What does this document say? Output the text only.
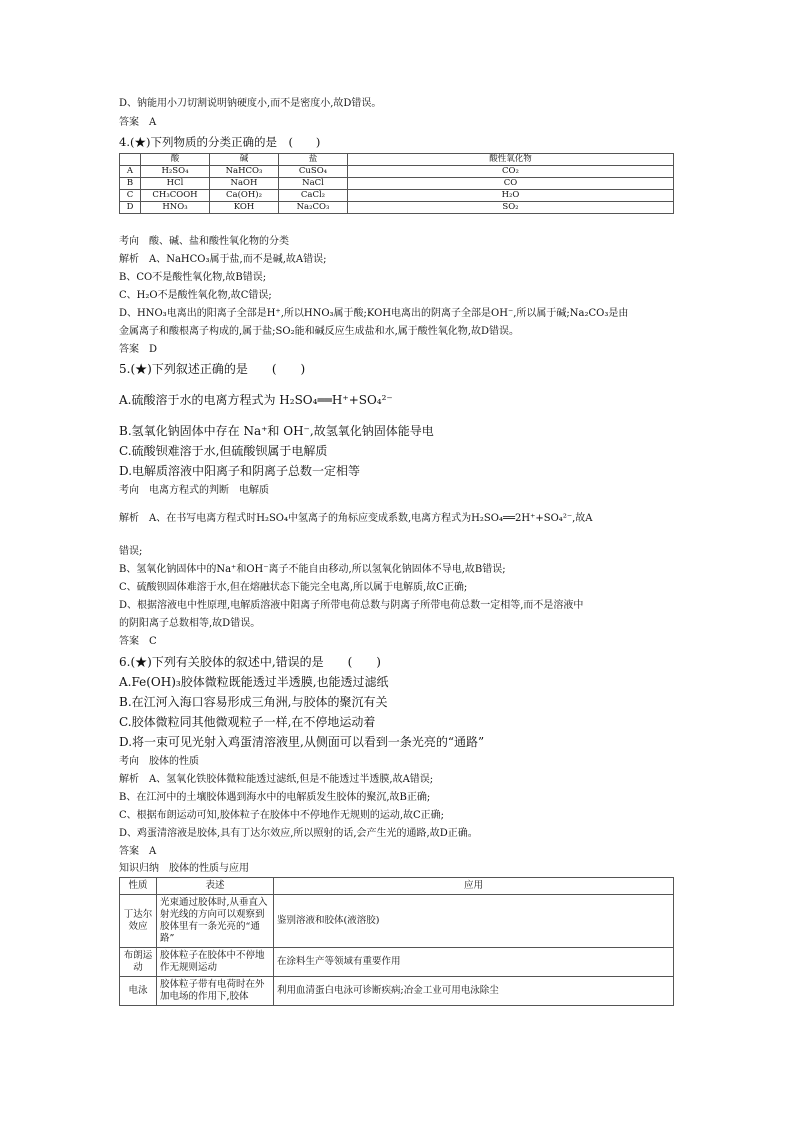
D、钠能用小刀切割说明钠硬度小,而不是密度小,故D错误。
答案　A
4.(★)下列物质的分类正确的是　(　　)
	酸	碱	盐	酸性氧化物
A	H₂SO₄	NaHCO₃	CuSO₄	CO₂
B	HCl	NaOH	NaCl	CO
C	CH₃COOH	Ca(OH)₂	CaCl₂	H₂O
D	HNO₃	KOH	Na₂CO₃	SO₂
考向　酸、碱、盐和酸性氧化物的分类
解析　A、NaHCO₃属于盐,而不是碱,故A错误;
B、CO不是酸性氧化物,故B错误;
C、H₂O不是酸性氧化物,故C错误;
D、HNO₃电离出的阳离子全部是H⁺,所以HNO₃属于酸;KOH电离出的阴离子全部是OH⁻,所以属于碱;Na₂CO₃是由
金属离子和酸根离子构成的,属于盐;SO₂能和碱反应生成盐和水,属于酸性氧化物,故D错误。
答案　D
5.(★)下列叙述正确的是　　(　　)
A.硫酸溶于水的电离方程式为 H₂SO₄══H⁺+SO₄²⁻
B.氢氧化钠固体中存在 Na⁺和 OH⁻,故氢氧化钠固体能导电
C.硫酸钡难溶于水,但硫酸钡属于电解质
D.电解质溶液中阳离子和阴离子总数一定相等
考向　电离方程式的判断　电解质
解析　A、在书写电离方程式时H₂SO₄中氢离子的角标应变成系数,电离方程式为H₂SO₄══2H⁺+SO₄²⁻,故A
错误;
B、氢氧化钠固体中的Na⁺和OH⁻离子不能自由移动,所以氢氧化钠固体不导电,故B错误;
C、硫酸钡固体难溶于水,但在熔融状态下能完全电离,所以属于电解质,故C正确;
D、根据溶液电中性原理,电解质溶液中阳离子所带电荷总数与阴离子所带电荷总数一定相等,而不是溶液中
的阴阳离子总数相等,故D错误。
答案　C
6.(★)下列有关胶体的叙述中,错误的是　　(　　)
A.Fe(OH)₃胶体微粒既能透过半透膜,也能透过滤纸
B.在江河入海口容易形成三角洲,与胶体的聚沉有关
C.胶体微粒同其他微观粒子一样,在不停地运动着
D.将一束可见光射入鸡蛋清溶液里,从侧面可以看到一条光亮的“通路”
考向　胶体的性质
解析　A、氢氧化铁胶体微粒能透过滤纸,但是不能透过半透膜,故A错误;
B、在江河中的土壤胶体遇到海水中的电解质发生胶体的聚沉,故B正确;
C、根据布朗运动可知,胶体粒子在胶体中不停地作无规则的运动,故C正确;
D、鸡蛋清溶液是胶体,具有丁达尔效应,所以照射的话,会产生光的通路,故D正确。
答案　A
知识归纳　胶体的性质与应用
性质	表述	应用
丁达尔效应	光束通过胶体时,从垂直入射光线的方向可以观察到胶体里有一条光亮的“通路”	鉴别溶液和胶体(液溶胶)
布朗运动	胶体粒子在胶体中不停地作无规则运动	在涂料生产等领域有重要作用
电泳	胶体粒子带有电荷时在外加电场的作用下,胶体	利用血清蛋白电泳可诊断疾病;冶金工业可用电泳除尘
